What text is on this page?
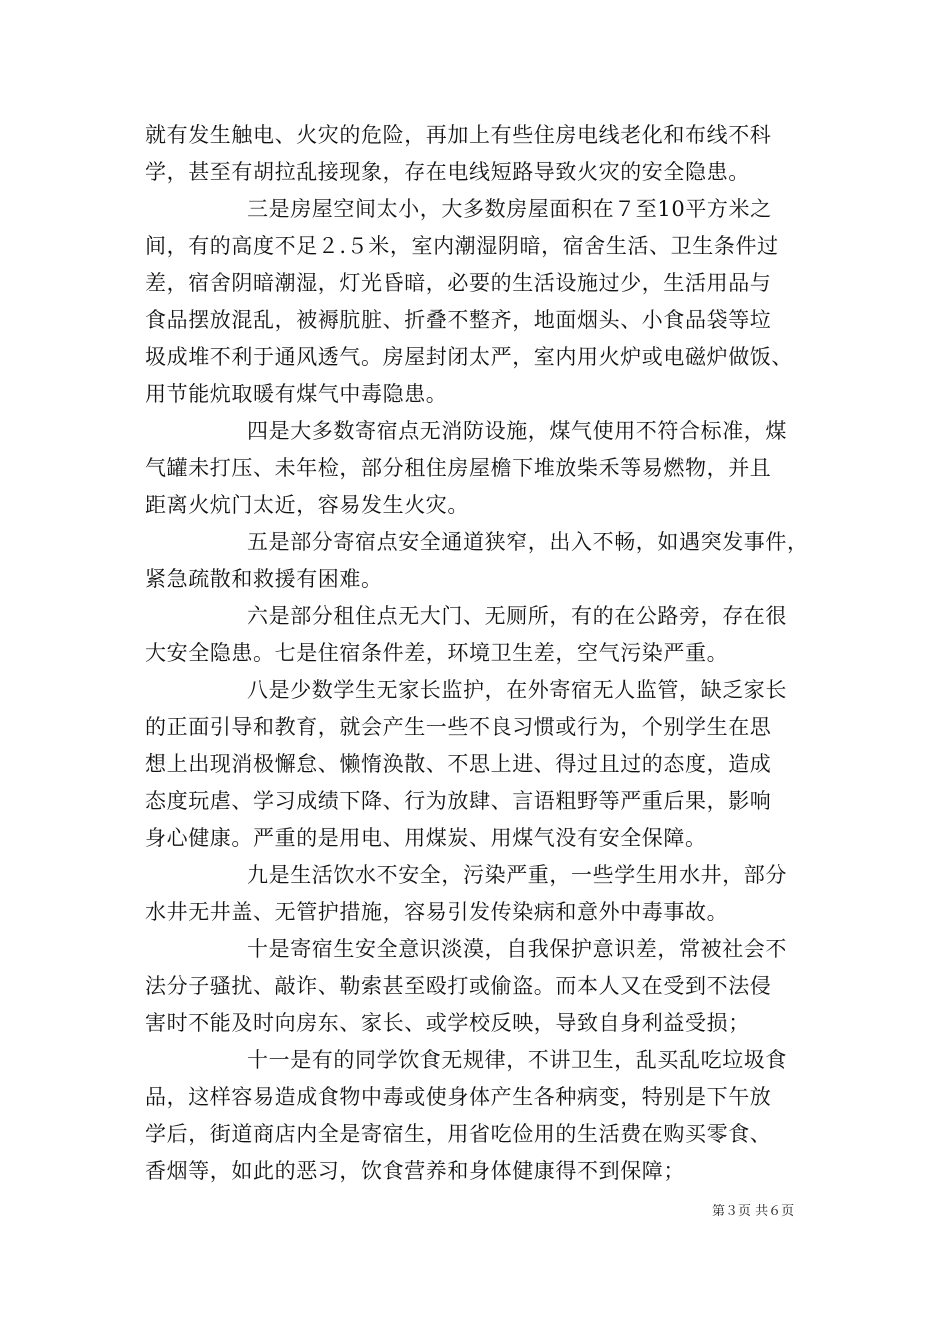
就有发生触电、火灾的危险，再加上有些住房电线老化和布线不科
学，甚至有胡拉乱接现象，存在电线短路导致火灾的安全隐患。
三是房屋空间太小，大多数房屋面积在７至10平方米之
间，有的高度不足２.５米，室内潮湿阴暗，宿舍生活、卫生条件过
差，宿舍阴暗潮湿，灯光昏暗，必要的生活设施过少，生活用品与
食品摆放混乱，被褥肮脏、折叠不整齐，地面烟头、小食品袋等垃
圾成堆不利于通风透气。房屋封闭太严，室内用火炉或电磁炉做饭、
用节能炕取暖有煤气中毒隐患。
四是大多数寄宿点无消防设施，煤气使用不符合标准，煤
气罐未打压、未年检，部分租住房屋檐下堆放柴禾等易燃物，并且
距离火炕门太近，容易发生火灾。
五是部分寄宿点安全通道狭窄，出入不畅，如遇突发事件，
紧急疏散和救援有困难。
六是部分租住点无大门、无厕所，有的在公路旁，存在很
大安全隐患。七是住宿条件差，环境卫生差，空气污染严重。
八是少数学生无家长监护，在外寄宿无人监管，缺乏家长
的正面引导和教育，就会产生一些不良习惯或行为，个别学生在思
想上出现消极懈怠、懒惰涣散、不思上进、得过且过的态度，造成
态度玩虐、学习成绩下降、行为放肆、言语粗野等严重后果，影响
身心健康。严重的是用电、用煤炭、用煤气没有安全保障。
九是生活饮水不安全，污染严重，一些学生用水井，部分
水井无井盖、无管护措施，容易引发传染病和意外中毒事故。
十是寄宿生安全意识淡漠，自我保护意识差，常被社会不
法分子骚扰、敲诈、勒索甚至殴打或偷盗。而本人又在受到不法侵
害时不能及时向房东、家长、或学校反映，导致自身利益受损；
十一是有的同学饮食无规律，不讲卫生，乱买乱吃垃圾食
品，这样容易造成食物中毒或使身体产生各种病变，特别是下午放
学后，街道商店内全是寄宿生，用省吃俭用的生活费在购买零食、
香烟等，如此的恶习，饮食营养和身体健康得不到保障；
第３页 共６页
